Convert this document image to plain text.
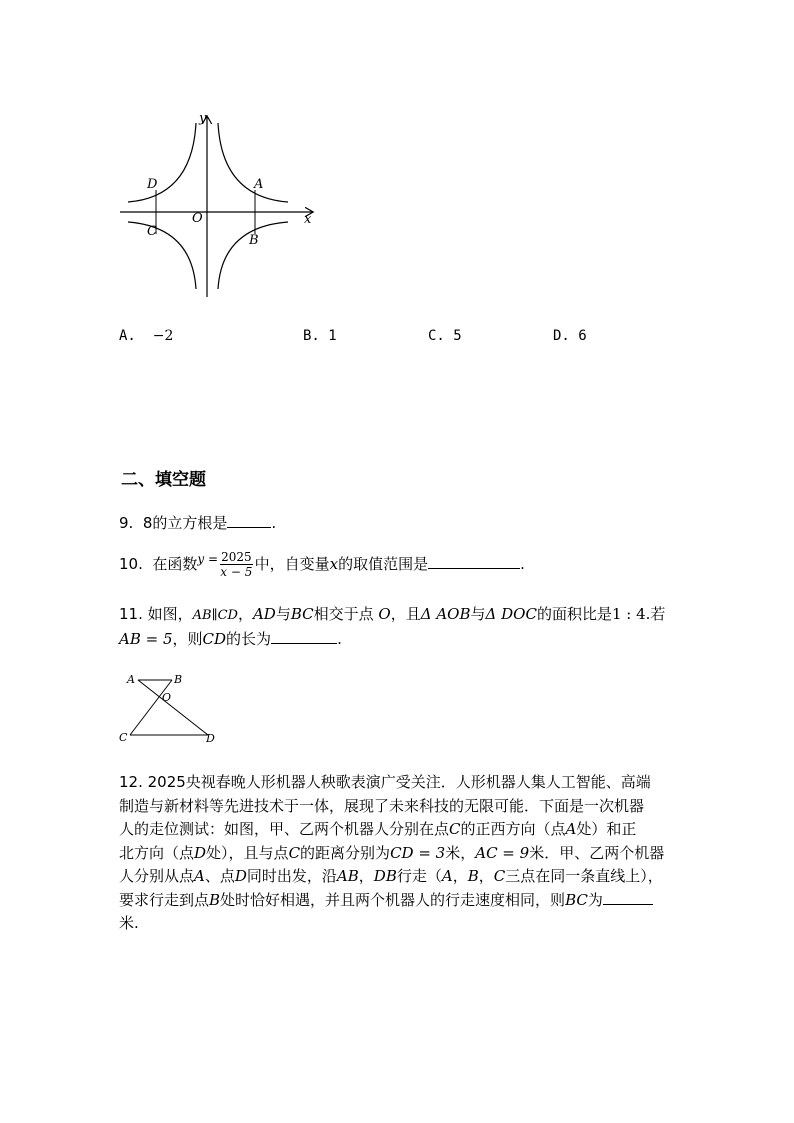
y
x
O
A
B
C
D
A. −2	B. 1	C. 5	D. 6
二、填空题
9. 8的立方根是	.
10. 在函数$^{y =} \frac{2025}{x - 5}$ 中，自变量x的取值范围是	.
11. 如图，AB∥CD，AD与BC相交于点 O，且Δ AOB与Δ DOC的面积比是1 : 4.若
AB = 5，则CD的长为	.
A	B
O
C	D
12. 2025央视春晚人形机器人秧歌表演广受关注．人形机器人集人工智能、高端
制造与新材料等先进技术于一体，展现了未来科技的无限可能．下面是一次机器
人的走位测试：如图，甲、乙两个机器人分别在点C的正西方向（点A处）和正
北方向（点D处），且与点C的距离分别为CD = 3米，AC = 9米．甲、乙两个机器
人分别从点A、点D同时出发，沿AB，DB行走（A，B，C三点在同一条直线上），
要求行走到点B处时恰好相遇，并且两个机器人的行走速度相同，则BC为
米.
